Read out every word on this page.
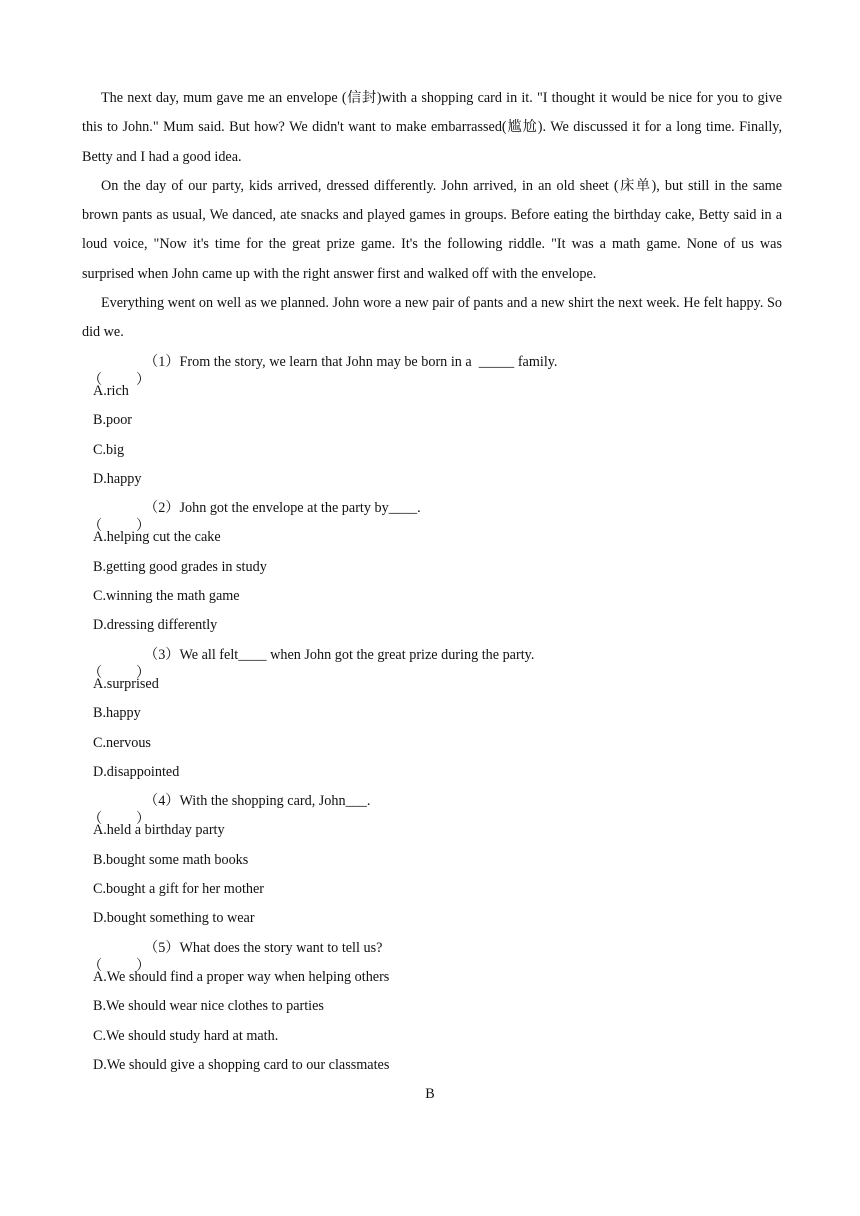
The next day, mum gave me an envelope (信封)with a shopping card in it. "I thought it would be nice for you to give this to John." Mum said. But how? We didn't want to make embarrassed(尴尬). We discussed it for a long time. Finally, Betty and I had a good idea.

On the day of our party, kids arrived, dressed differently. John arrived, in an old sheet (床单), but still in the same brown pants as usual, We danced, ate snacks and played games in groups. Before eating the birthday cake, Betty said in a loud voice, "Now it's time for the great prize game. It's the following riddle. "It was a math game. None of us was surprised when John came up with the right answer first and walked off with the envelope.

Everything went on well as we planned. John wore a new pair of pants and a new shirt the next week. He felt happy. So did we.

（ ）
（1）From the story, we learn that John may be born in a  _____ family.
A.rich
B.poor
C.big
D.happy
（ ）
（2）John got the envelope at the party by____.
A.helping cut the cake
B.getting good grades in study
C.winning the math game
D.dressing differently
（ ）
（3）We all felt____ when John got the great prize during the party.
A.surprised
B.happy
C.nervous
D.disappointed
（ ）
（4）With the shopping card, John___.
A.held a birthday party
B.bought some math books
C.bought a gift for her mother
D.bought something to wear
（ ）
（5）What does the story want to tell us?
A.We should find a proper way when helping others
B.We should wear nice clothes to parties
C.We should study hard at math.
D.We should give a shopping card to our classmates
B
